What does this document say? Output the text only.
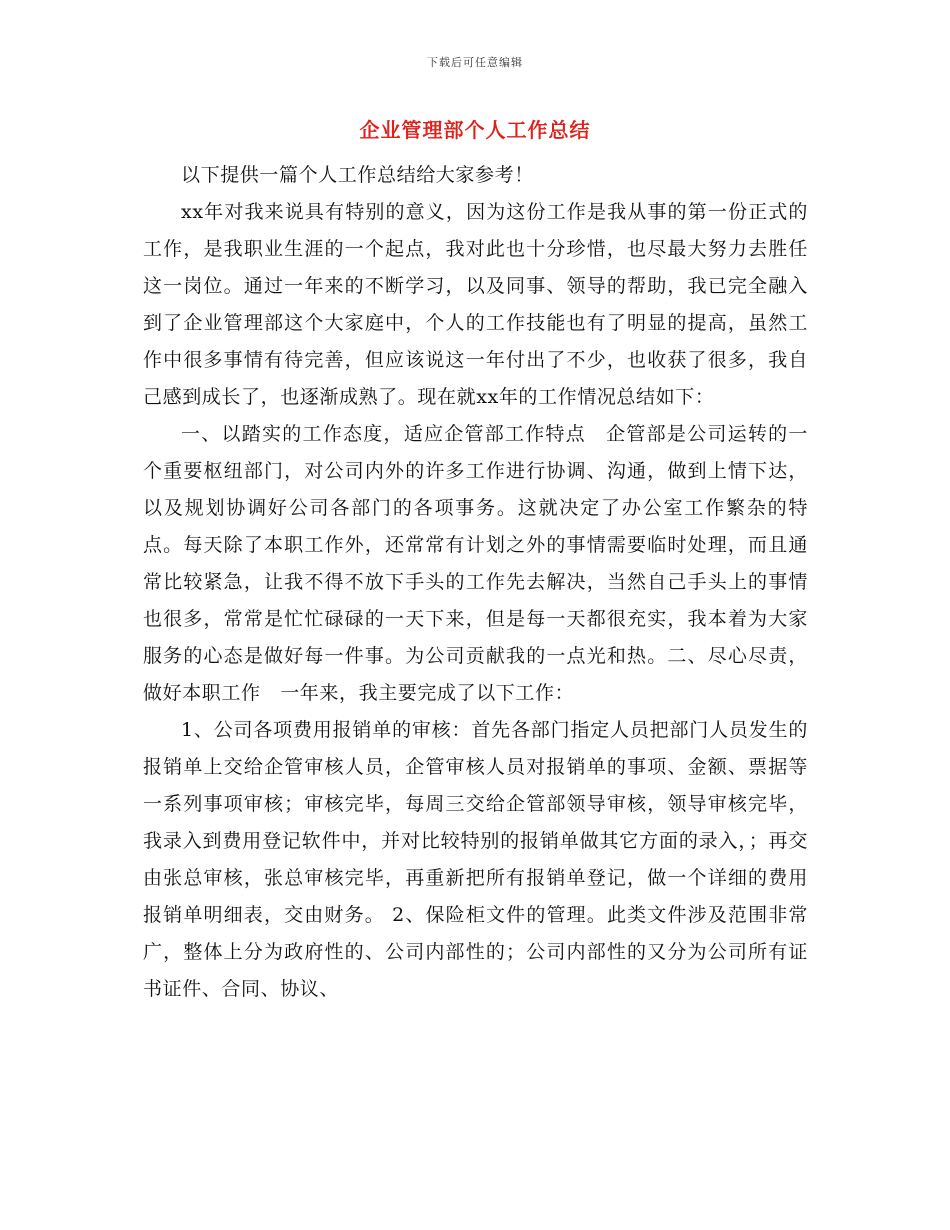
下载后可任意编辑
企业管理部个人工作总结

以下提供一篇个人工作总结给大家参考！

xx年对我来说具有特别的意义，因为这份工作是我从事的第一份正式的工作，是我职业生涯的一个起点，我对此也十分珍惜，也尽最大努力去胜任这一岗位。通过一年来的不断学习，以及同事、领导的帮助，我已完全融入到了企业管理部这个大家庭中，个人的工作技能也有了明显的提高，虽然工作中很多事情有待完善，但应该说这一年付出了不少，也收获了很多，我自己感到成长了，也逐渐成熟了。现在就xx年的工作情况总结如下：

一、以踏实的工作态度，适应企管部工作特点　企管部是公司运转的一个重要枢纽部门，对公司内外的许多工作进行协调、沟通，做到上情下达，以及规划协调好公司各部门的各项事务。这就决定了办公室工作繁杂的特点。每天除了本职工作外，还常常有计划之外的事情需要临时处理，而且通常比较紧急，让我不得不放下手头的工作先去解决，当然自己手头上的事情也很多，常常是忙忙碌碌的一天下来，但是每一天都很充实，我本着为大家服务的心态是做好每一件事。为公司贡献我的一点光和热。二、尽心尽责，做好本职工作　一年来，我主要完成了以下工作：

1、公司各项费用报销单的审核：首先各部门指定人员把部门人员发生的报销单上交给企管审核人员，企管审核人员对报销单的事项、金额、票据等一系列事项审核；审核完毕，每周三交给企管部领导审核，领导审核完毕，我录入到费用登记软件中，并对比较特别的报销单做其它方面的录入，；再交由张总审核，张总审核完毕，再重新把所有报销单登记，做一个详细的费用报销单明细表，交由财务。 2、保险柜文件的管理。此类文件涉及范围非常广，整体上分为政府性的、公司内部性的；公司内部性的又分为公司所有证书证件、合同、协议、
